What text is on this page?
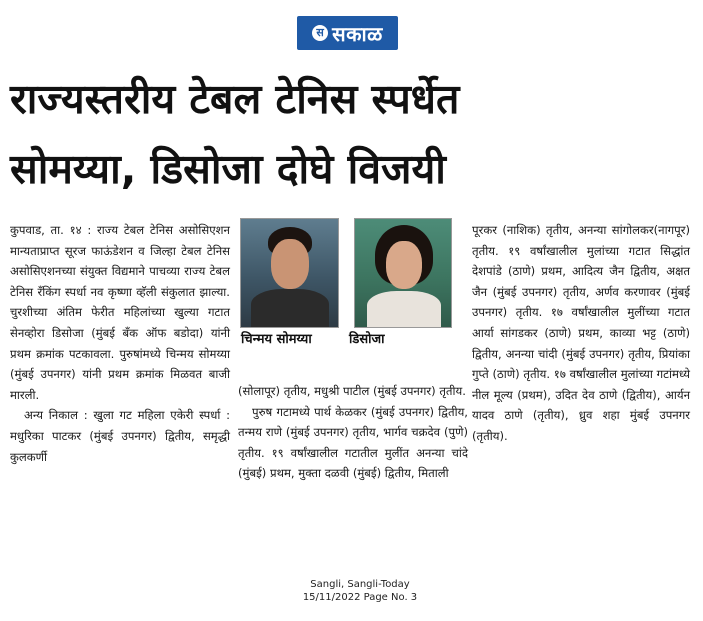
स सकाळ
राज्यस्तरीय टेबल टेनिस स्पर्धेत
सोमय्या, डिसोजा दोघे विजयी

कुपवाड, ता. १४ : राज्य टेबल टेनिस असोसिएशन मान्यताप्राप्त सूरज फाऊंडेशन व जिल्हा टेबल टेनिस असोसिएशनच्या संयुक्त विद्यमाने पाचव्या राज्य टेबल टेनिस रँकिंग स्पर्धा नव कृष्णा व्हॅली संकुलात झाल्या. चुरशीच्या अंतिम फेरीत महिलांच्या खुल्या गटात सेनव्होरा डिसोजा (मुंबई बँक ऑफ बडोदा) यांनी प्रथम क्रमांक पटकावला. पुरुषांमध्ये चिन्मय सोमय्या (मुंबई उपनगर) यांनी प्रथम क्रमांक मिळवत बाजी मारली.

अन्य निकाल : खुला गट महिला एकेरी स्पर्धा : मधुरिका पाटकर (मुंबई उपनगर) द्वितीय, समृद्धी कुलकर्णी

चिन्मय सोमय्या	डिसोजा

(सोलापूर) तृतीय, मधुश्री पाटील (मुंबई उपनगर) तृतीय.

पुरुष गटामध्ये पार्थ केळकर (मुंबई उपनगर) द्वितीय, तन्मय राणे (मुंबई उपनगर) तृतीय, भार्गव चक्रदेव (पुणे) तृतीय. १९ वर्षांखालील गटातील मुलींत अनन्या चांदे (मुंबई) प्रथम, मुक्ता दळवी (मुंबई) द्वितीय, मिताली

पूरकर (नाशिक) तृतीय, अनन्या सांगोलकर(नागपूर) तृतीय. १९ वर्षांखालील मुलांच्या गटात सिद्धांत देशपांडे (ठाणे) प्रथम, आदित्य जैन द्वितीय, अक्षत जैन (मुंबई उपनगर) तृतीय, अर्णव करणावर (मुंबई उपनगर) तृतीय. १७ वर्षांखालील मुलींच्या गटात आर्या सांगडकर (ठाणे) प्रथम, काव्या भट्ट (ठाणे) द्वितीय, अनन्या चांदी (मुंबई उपनगर) तृतीय, प्रियांका गुप्ते (ठाणे) तृतीय. १७ वर्षांखालील मुलांच्या गटांमध्ये नील मूल्य (प्रथम), उदित देव ठाणे (द्वितीय), आर्यन यादव ठाणे (तृतीय), ध्रुव शहा मुंबई उपनगर (तृतीय).

Sangli, Sangli-Today
15/11/2022 Page No. 3
